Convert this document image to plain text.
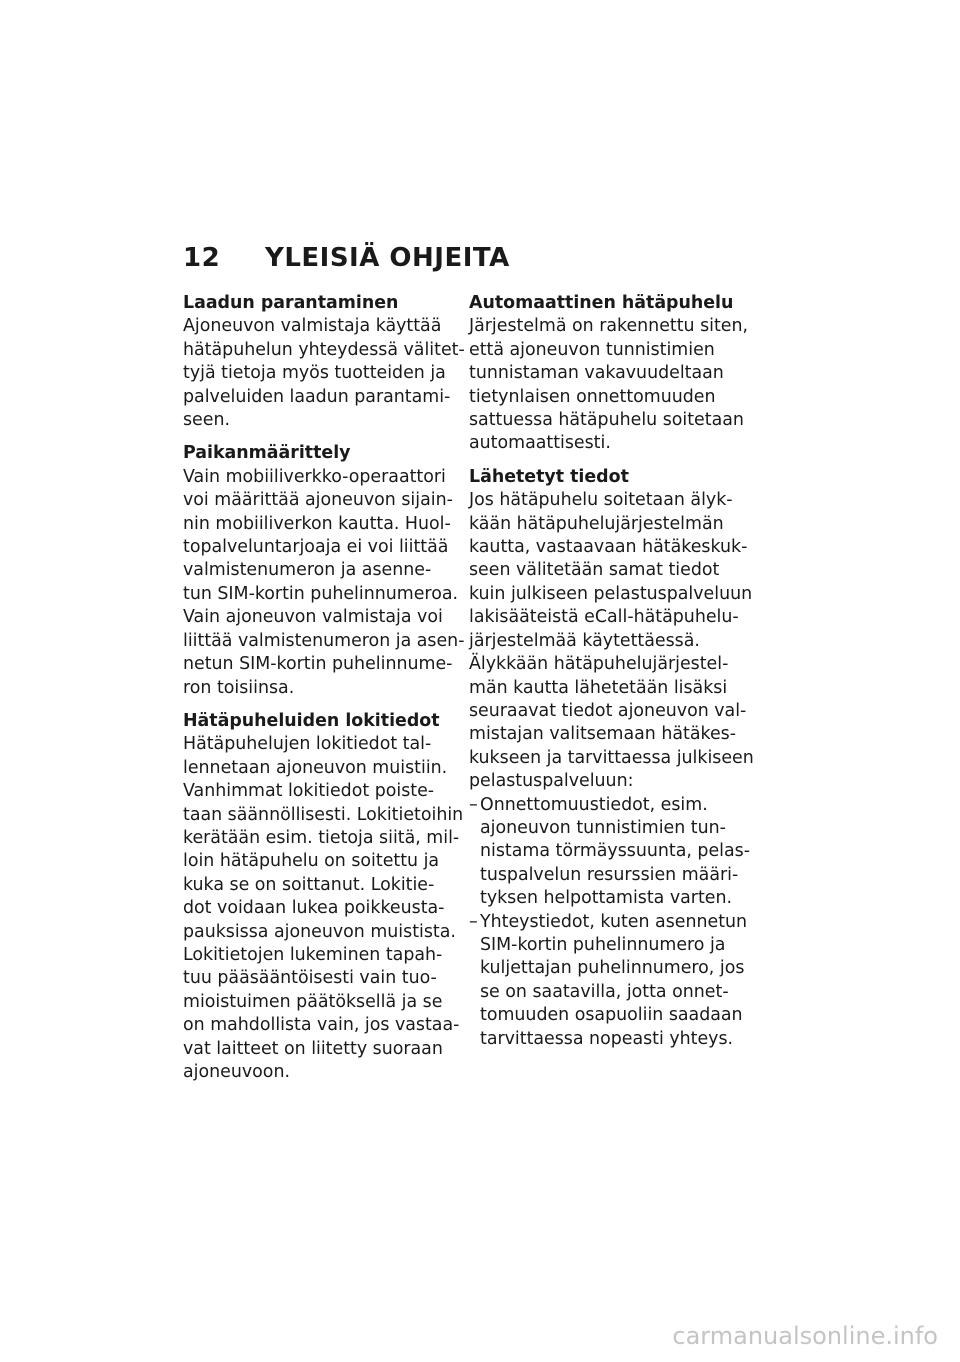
12 YLEISIÄ OHJEITA
Laadun parantaminen
Ajoneuvon valmistaja käyttää
hätäpuhelun yhteydessä välitet-
tyjä tietoja myös tuotteiden ja
palveluiden laadun parantami-
seen.
Paikanmäärittely
Vain mobiiliverkko-operaattori
voi määrittää ajoneuvon sijain-
nin mobiiliverkon kautta. Huol-
topalveluntarjoaja ei voi liittää
valmistenumeron ja asenne-
tun SIM-kortin puhelinnumeroa.
Vain ajoneuvon valmistaja voi
liittää valmistenumeron ja asen-
netun SIM-kortin puhelinnume-
ron toisiinsa.
Hätäpuheluiden lokitiedot
Hätäpuhelujen lokitiedot tal-
lennetaan ajoneuvon muistiin.
Vanhimmat lokitiedot poiste-
taan säännöllisesti. Lokitietoihin
kerätään esim. tietoja siitä, mil-
loin hätäpuhelu on soitettu ja
kuka se on soittanut. Lokitie-
dot voidaan lukea poikkeusta-
pauksissa ajoneuvon muistista.
Lokitietojen lukeminen tapah-
tuu pääsääntöisesti vain tuo-
mioistuimen päätöksellä ja se
on mahdollista vain, jos vastaa-
vat laitteet on liitetty suoraan
ajoneuvoon.
Automaattinen hätäpuhelu
Järjestelmä on rakennettu siten,
että ajoneuvon tunnistimien
tunnistaman vakavuudeltaan
tietynlaisen onnettomuuden
sattuessa hätäpuhelu soitetaan
automaattisesti.
Lähetetyt tiedot
Jos hätäpuhelu soitetaan älyk-
kään hätäpuhelujärjestelmän
kautta, vastaavaan hätäkeskuk-
seen välitetään samat tiedot
kuin julkiseen pelastuspalveluun
lakisääteistä eCall-hätäpuhelu-
järjestelmää käytettäessä.
Älykkään hätäpuhelujärjestel-
män kautta lähetetään lisäksi
seuraavat tiedot ajoneuvon val-
mistajan valitsemaan hätäkes-
kukseen ja tarvittaessa julkiseen
pelastuspalveluun:
– Onnettomuustiedot, esim.
ajoneuvon tunnistimien tun-
nistama törmäyssuunta, pelas-
tuspalvelun resurssien määri-
tyksen helpottamista varten.
– Yhteystiedot, kuten asennetun
SIM-kortin puhelinnumero ja
kuljettajan puhelinnumero, jos
se on saatavilla, jotta onnet-
tomuuden osapuoliin saadaan
tarvittaessa nopeasti yhteys.
carmanualsonline.info
